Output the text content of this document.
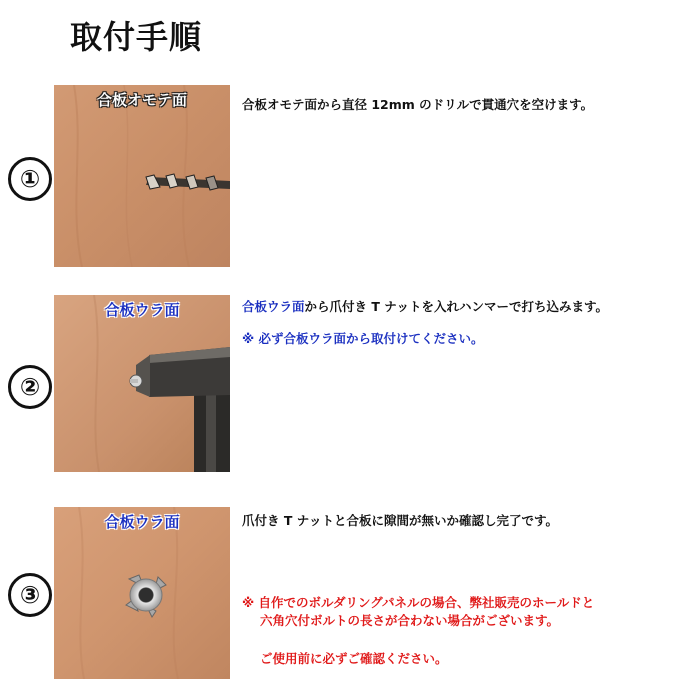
取付手順
①
合板オモテ面	合板オモテ面から直径 12mm のドリルで貫通穴を空けます。
②
合板ウラ面	合板ウラ面から爪付き T ナットを入れハンマーで打ち込みます。
※ 必ず合板ウラ面から取付けてください。
③
合板ウラ面	爪付き T ナットと合板に隙間が無いか確認し完了です。
※ 自作でのボルダリングパネルの場合、弊社販売のホールドと
六角穴付ボルトの長さが合わない場合がございます。
ご使用前に必ずご確認ください。
